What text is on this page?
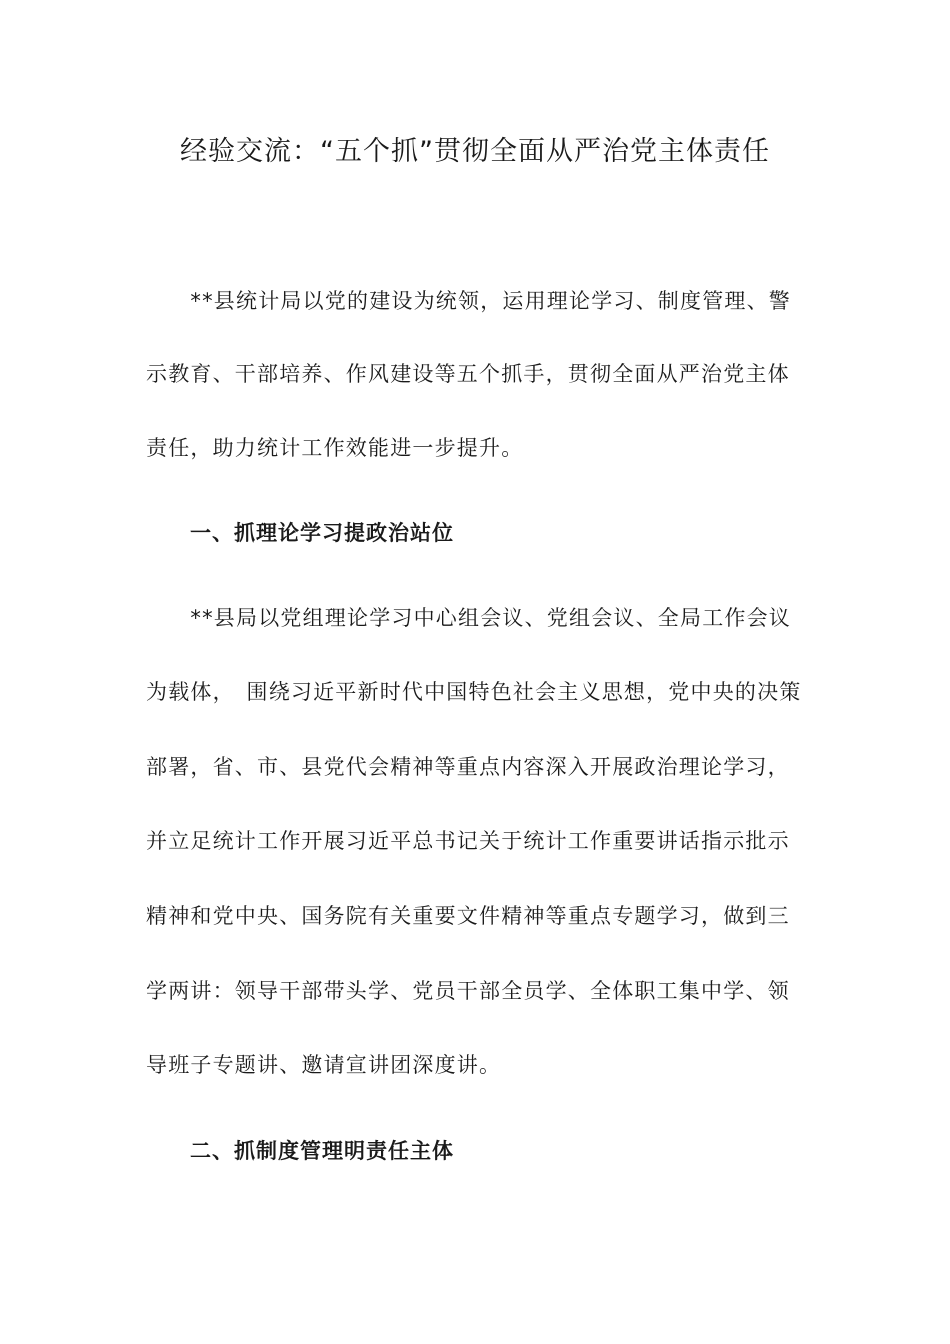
经验交流：“五个抓”贯彻全面从严治党主体责任

　　**县统计局以党的建设为统领，运用理论学习、制度管理、警

示教育、干部培养、作风建设等五个抓手，贯彻全面从严治党主体

责任，助力统计工作效能进一步提升。

　　一、抓理论学习提政治站位

　　**县局以党组理论学习中心组会议、党组会议、全局工作会议

为载体，　围绕习近平新时代中国特色社会主义思想，党中央的决策

部署，省、市、县党代会精神等重点内容深入开展政治理论学习，

并立足统计工作开展习近平总书记关于统计工作重要讲话指示批示

精神和党中央、国务院有关重要文件精神等重点专题学习，做到三

学两讲：领导干部带头学、党员干部全员学、全体职工集中学、领

导班子专题讲、邀请宣讲团深度讲。

　　二、抓制度管理明责任主体
